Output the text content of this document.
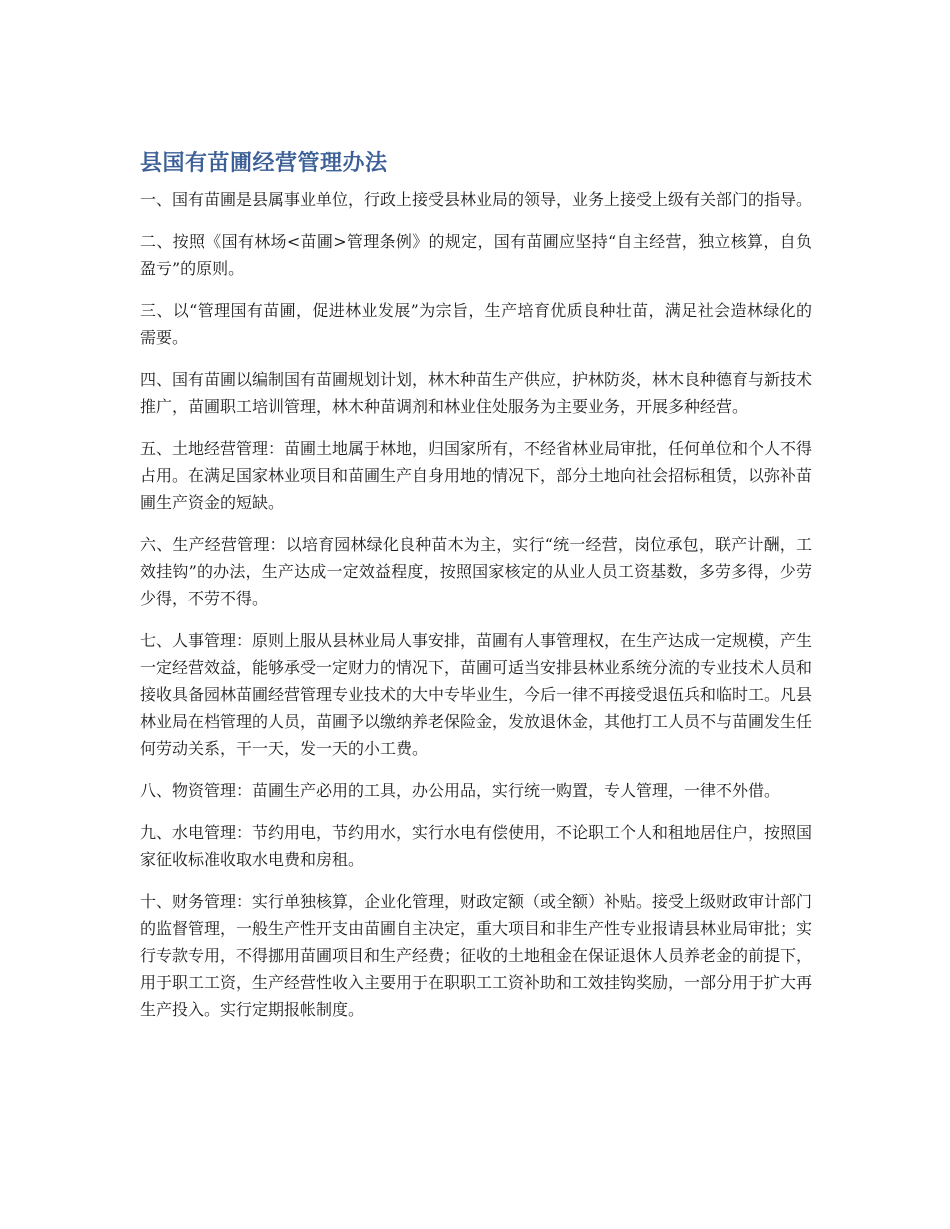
县国有苗圃经营管理办法

一、国有苗圃是县属事业单位，行政上接受县林业局的领导，业务上接受上级有关部门的指导。

二、按照《国有林场<苗圃>管理条例》的规定，国有苗圃应坚持“自主经营，独立核算，自负盈亏”的原则。

三、以“管理国有苗圃，促进林业发展”为宗旨，生产培育优质良种壮苗，满足社会造林绿化的需要。

四、国有苗圃以编制国有苗圃规划计划，林木种苗生产供应，护林防炎，林木良种德育与新技术推广，苗圃职工培训管理，林木种苗调剂和林业住处服务为主要业务，开展多种经营。

五、土地经营管理：苗圃土地属于林地，归国家所有，不经省林业局审批，任何单位和个人不得占用。在满足国家林业项目和苗圃生产自身用地的情况下，部分土地向社会招标租赁，以弥补苗圃生产资金的短缺。

六、生产经营管理：以培育园林绿化良种苗木为主，实行“统一经营，岗位承包，联产计酬，工效挂钩”的办法，生产达成一定效益程度，按照国家核定的从业人员工资基数，多劳多得，少劳少得，不劳不得。

七、人事管理：原则上服从县林业局人事安排，苗圃有人事管理权，在生产达成一定规模，产生一定经营效益，能够承受一定财力的情况下，苗圃可适当安排县林业系统分流的专业技术人员和接收具备园林苗圃经营管理专业技术的大中专毕业生，今后一律不再接受退伍兵和临时工。凡县林业局在档管理的人员，苗圃予以缴纳养老保险金，发放退休金，其他打工人员不与苗圃发生任何劳动关系，干一天，发一天的小工费。

八、物资管理：苗圃生产必用的工具，办公用品，实行统一购置，专人管理，一律不外借。

九、水电管理：节约用电，节约用水，实行水电有偿使用，不论职工个人和租地居住户，按照国家征收标准收取水电费和房租。

十、财务管理：实行单独核算，企业化管理，财政定额（或全额）补贴。接受上级财政审计部门的监督管理，一般生产性开支由苗圃自主决定，重大项目和非生产性专业报请县林业局审批；实行专款专用，不得挪用苗圃项目和生产经费；征收的土地租金在保证退休人员养老金的前提下，用于职工工资，生产经营性收入主要用于在职职工工资补助和工效挂钩奖励，一部分用于扩大再生产投入。实行定期报帐制度。
